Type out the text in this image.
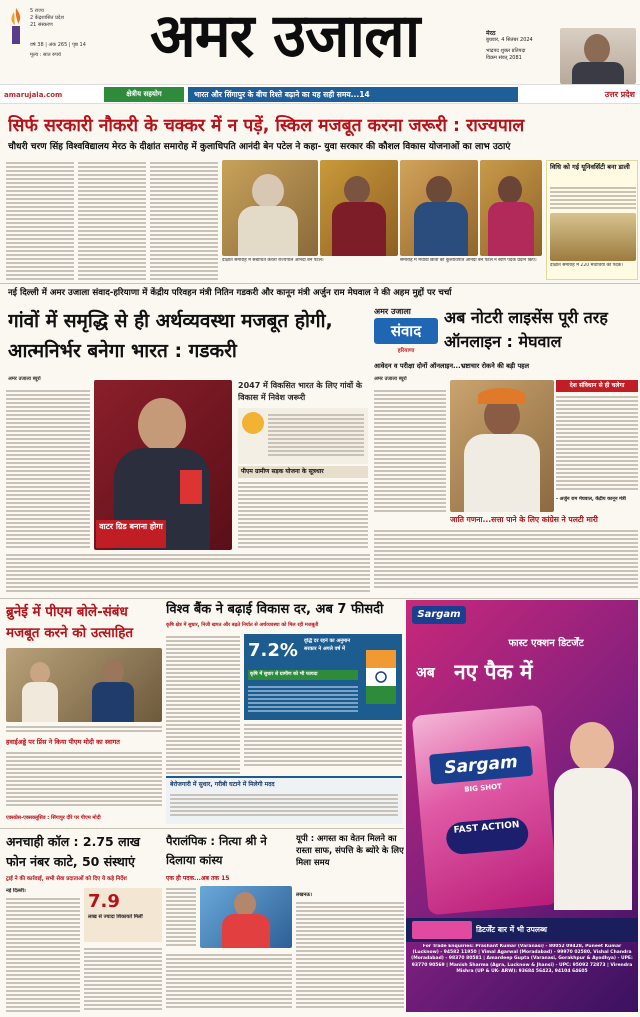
5 राज्य
2 केंद्रशासित प्रदेश
21 संस्करण
वर्ष 38 | अंक 265 | पृष्ठ 14
मूल्य : सात रुपये	अमर उजाला	मेरठ
बुधवार, 4 सितंबर 2024
भाद्रपद शुक्ल प्रतिपदा
विक्रम संवत् 2081
amarujala.com	क्षेत्रीय सहयोग	भारत और सिंगापुर के बीच रिश्ते बढ़ाने का यह सही समय...14	उत्तर प्रदेश
सिर्फ सरकारी नौकरी के चक्कर में न पड़ें, स्किल मजबूत करना जरूरी : राज्यपाल
चौधरी चरण सिंह विश्वविद्यालय मेरठ के दीक्षांत समारोह में कुलाधिपति आनंदी बेन पटेल ने कहा- युवा सरकार की कौशल विकास योजनाओं का लाभ उठाएं
दीक्षांत समारोह में संबोधित करतीं राज्यपाल आनंदी बेन पटेल।	समारोह में मेधावी छात्रों को कुलाधिपति आनंदी बेन पटेल ने स्वर्ण पदक प्रदान किए।
विधि को गई यूनिवर्सिटी बना डाली
दीक्षांत समारोह में 220 मेधावियों को पदक।
नई दिल्ली में अमर उजाला संवाद-हरियाणा में केंद्रीय परिवहन मंत्री नितिन गडकरी और कानून मंत्री अर्जुन राम मेघवाल ने की अहम मुद्दों पर चर्चा
गांवों में समृद्धि से ही अर्थव्यवस्था मजबूत होगी, आत्मनिर्भर बनेगा भारत : गडकरी
अमर उजाला ब्यूरो
वाटर ग्रिड बनाना होगा
2047 में विकसित भारत के लिए गांवों के विकास में निवेश जरूरी
पीएम ग्रामीण सड़क योजना के सूत्रधार
अमर उजाला
संवाद
हरियाणा
अब नोटरी लाइसेंस पूरी तरह ऑनलाइन : मेघवाल
आवेदन व परीक्षा दोनों ऑनलाइन...भ्रष्टाचार रोकने की बड़ी पहल
अमर उजाला ब्यूरो
देश संविधान से ही चलेगा
- अर्जुन राम मेघवाल, केंद्रीय कानून मंत्री
जाति गणना...सत्ता पाने के लिए कांग्रेस ने पलटी मारी
ब्रुनेई में पीएम बोले-संबंध मजबूत करने को उत्साहित
हवाईअड्डे पर प्रिंस ने किया पीएम मोदी का स्वागत
एक्सप्रेस-एक्सक्लूसिव : सिंगापुर दौरे पर पीएम मोदी
विश्व बैंक ने बढ़ाई विकास दर, अब 7 फीसदी
कृषि क्षेत्र में सुधार, निजी खपत और बढ़ते निर्यात से अर्थव्यवस्था को मिल रही मजबूती
7.2%	वृद्धि दर रहने का अनुमान सरकार ने अगले वर्ष में
कृषि में सुधार से ग्रामीण को भी फायदा
बेरोजगारी में सुधार, गरीबी घटाने में मिलेगी मदद
Sargam
फास्ट एक्शन डिटर्जेंट
अब नए पैक में
Sargam
BIG SHOT
FAST ACTION
डिटर्जेंट बार में भी उपलब्ध
For Trade Enquiries: Prashant Kumar (Varanasi) - 80052 09428, Puneet Kumar (Lucknow) - 94582 11950 | Vimal Agarwal (Moradabad) - 99970 02580, Vishal Chandra (Moradabad) - 98370 80581 | Amardeep Gupta (Varanasi, Gorakhpur & Ayodhya) - UPE: 93770 90569 | Manish Sharma (Agra, Lucknow & Jhansi) - UPC: 95092 72873 | Virendra Mishra (UP & UK- ARW): 93684 56423, 94104 64605
अनचाही कॉल : 2.75 लाख फोन नंबर काटे, 50 संस्थाएं
ट्राई ने की कार्रवाई, सभी सेवा प्रदाताओं को दिए ये कड़े निर्देश
नई दिल्ली।	7.9
लाख से ज्यादा शिकायतें मिलीं
पैरालंपिक : नित्या श्री ने दिलाया कांस्य
एक ही पदक...अब तक 15
यूपी : अगस्त का वेतन मिलने का रास्ता साफ, संपत्ति के ब्योरे के लिए मिला समय
लखनऊ।
